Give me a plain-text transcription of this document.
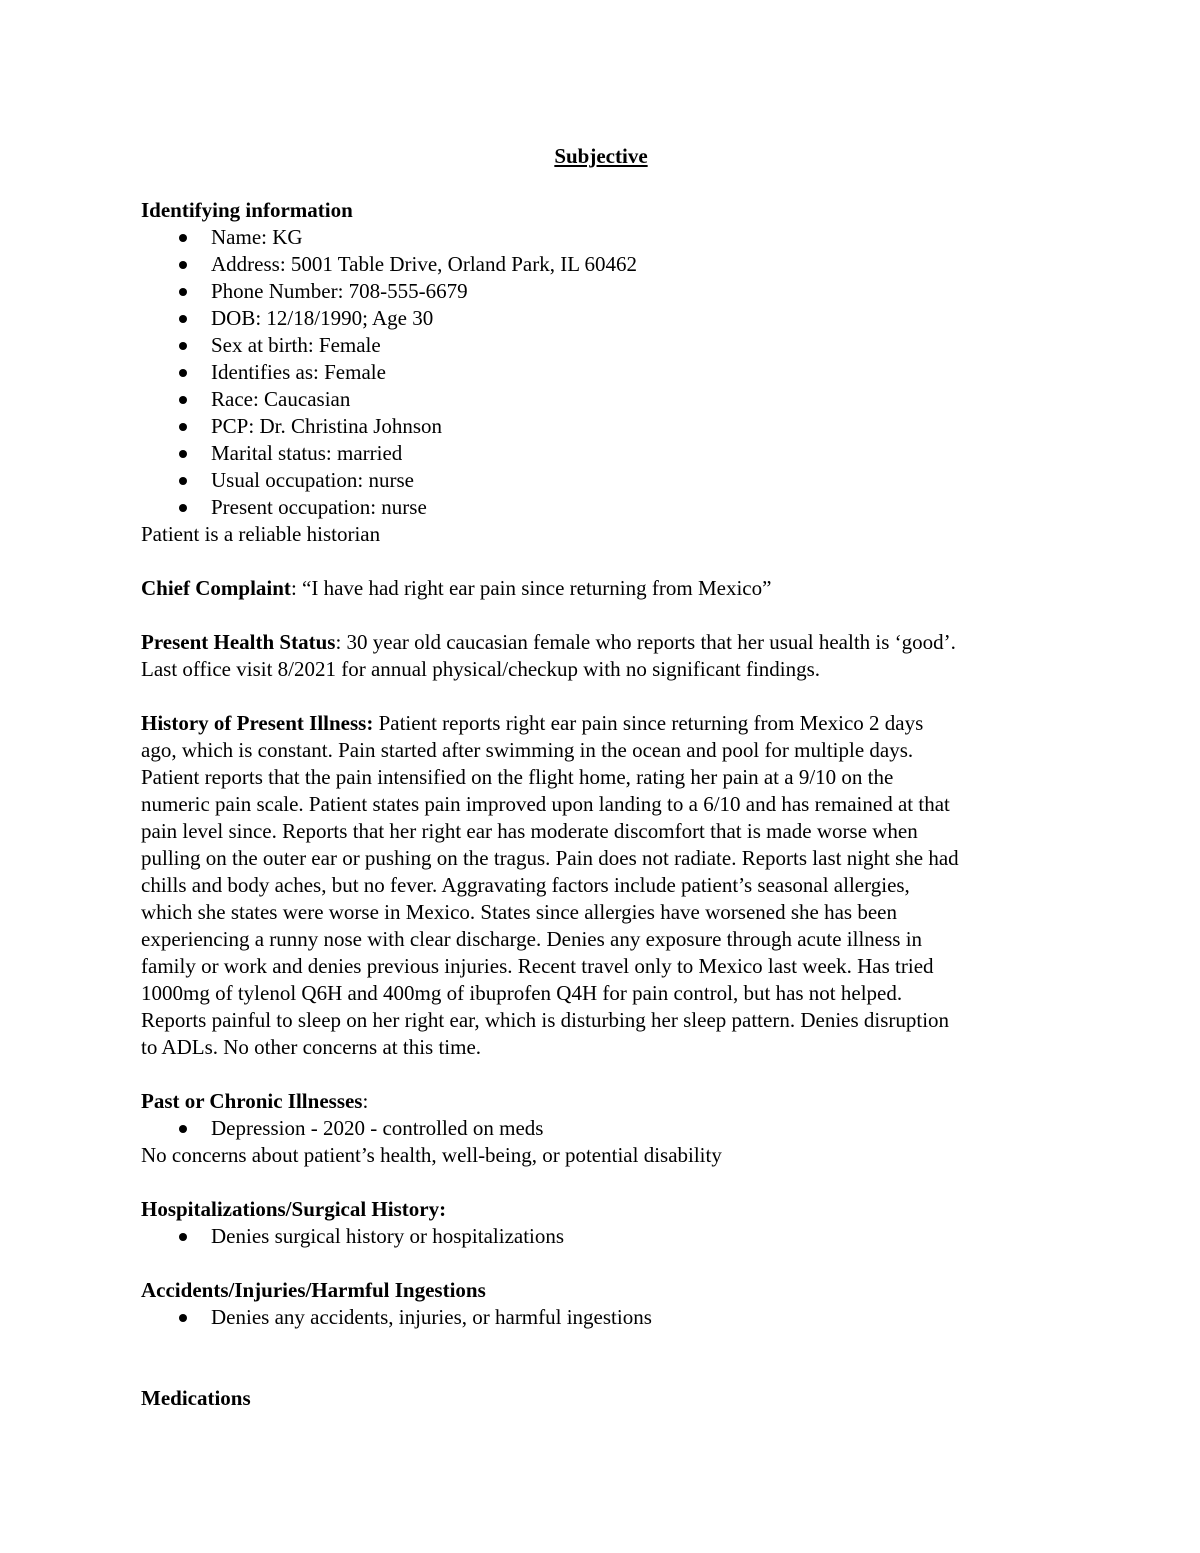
Subjective
Identifying information
Name: KG
Address: 5001 Table Drive, Orland Park, IL 60462
Phone Number: 708-555-6679
DOB: 12/18/1990; Age 30
Sex at birth: Female
Identifies as: Female
Race: Caucasian
PCP: Dr. Christina Johnson
Marital status: married
Usual occupation: nurse
Present occupation: nurse
Patient is a reliable historian
Chief Complaint: “I have had right ear pain since returning from Mexico”
Present Health Status: 30 year old caucasian female who reports that her usual health is ‘good’.
Last office visit 8/2021 for annual physical/checkup with no significant findings.
History of Present Illness: Patient reports right ear pain since returning from Mexico 2 days
ago, which is constant. Pain started after swimming in the ocean and pool for multiple days.
Patient reports that the pain intensified on the flight home, rating her pain at a 9/10 on the
numeric pain scale. Patient states pain improved upon landing to a 6/10 and has remained at that
pain level since. Reports that her right ear has moderate discomfort that is made worse when
pulling on the outer ear or pushing on the tragus. Pain does not radiate. Reports last night she had
chills and body aches, but no fever. Aggravating factors include patient’s seasonal allergies,
which she states were worse in Mexico. States since allergies have worsened she has been
experiencing a runny nose with clear discharge. Denies any exposure through acute illness in
family or work and denies previous injuries. Recent travel only to Mexico last week. Has tried
1000mg of tylenol Q6H and 400mg of ibuprofen Q4H for pain control, but has not helped.
Reports painful to sleep on her right ear, which is disturbing her sleep pattern. Denies disruption
to ADLs. No other concerns at this time.
Past or Chronic Illnesses:
Depression - 2020 - controlled on meds
No concerns about patient’s health, well-being, or potential disability
Hospitalizations/Surgical History:
Denies surgical history or hospitalizations
Accidents/Injuries/Harmful Ingestions
Denies any accidents, injuries, or harmful ingestions
Medications
